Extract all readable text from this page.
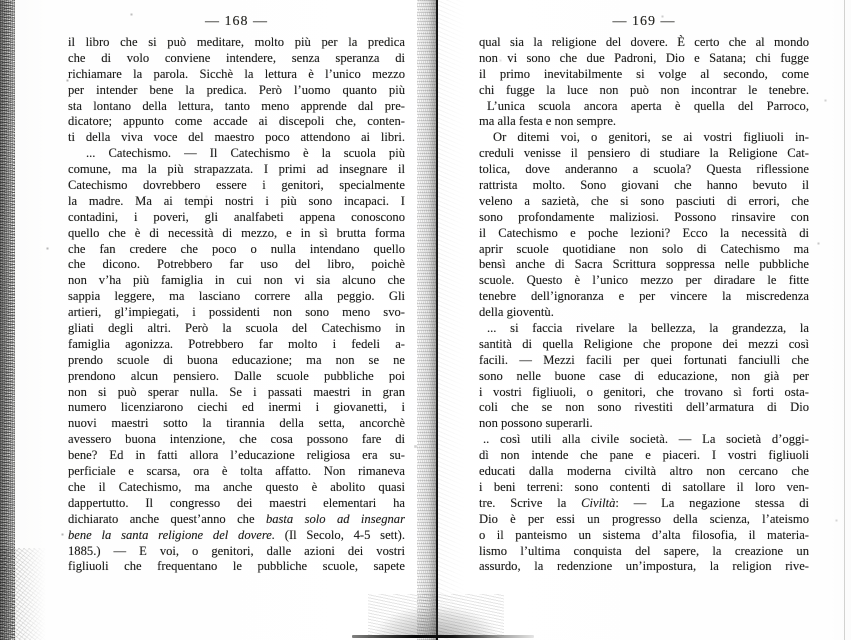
— 168 —
il libro che si può meditare, molto più per la predica
che di volo conviene intendere, senza speranza di
richiamare la parola. Sicchè la lettura è l’unico mezzo
per intender bene la predica. Però l’uomo quanto più
sta lontano della lettura, tanto meno apprende dal pre-
dicatore; appunto come accade ai discepoli che, conten-
ti della viva voce del maestro poco attendono ai libri.
... Catechismo. — Il Catechismo è la scuola più
comune, ma la più strapazzata. I primi ad insegnare il
Catechismo dovrebbero essere i genitori, specialmente
la madre. Ma ai tempi nostri i più sono incapaci. I
contadini, i poveri, gli analfabeti appena conoscono
quello che è di necessità di mezzo, e in sì brutta forma
che fan credere che poco o nulla intendano quello
che dicono. Potrebbero far uso del libro, poichè
non v’ha più famiglia in cui non vi sia alcuno che
sappia leggere, ma lasciano correre alla peggio. Gli
artieri, gl’impiegati, i possidenti non sono meno svo-
gliati degli altri. Però la scuola del Catechismo in
famiglia agonizza. Potrebbero far molto i fedeli a-
prendo scuole di buona educazione; ma non se ne
prendono alcun pensiero. Dalle scuole pubbliche poi
non si può sperar nulla. Se i passati maestri in gran
numero licenziarono ciechi ed inermi i giovanetti, i
nuovi maestri sotto la tirannia della setta, ancorchè
avessero buona intenzione, che cosa possono fare di
bene? Ed in fatti allora l’educazione religiosa era su-
perficiale e scarsa, ora è tolta affatto. Non rimaneva
che il Catechismo, ma anche questo è abolito quasi
dappertutto. Il congresso dei maestri elementari ha
dichiarato anche quest’anno che basta solo ad insegnar
bene la santa religione del dovere. (Il Secolo, 4-5 sett).
1885.) — E voi, o genitori, dalle azioni dei vostri
figliuoli che frequentano le pubbliche scuole, sapete
— 169 —
qual sia la religione del dovere. È certo che al mondo
non vi sono che due Padroni, Dio e Satana; chi fugge
il primo inevitabilmente si volge al secondo, come
chi fugge la luce non può non incontrar le tenebre.
L’unica scuola ancora aperta è quella del Parroco,
ma alla festa e non sempre.
Or ditemi voi, o genitori, se ai vostri figliuoli in-
creduli venisse il pensiero di studiare la Religione Cat-
tolica, dove anderanno a scuola? Questa riflessione
rattrista molto. Sono giovani che hanno bevuto il
veleno a sazietà, che si sono pasciuti di errori, che
sono profondamente maliziosi. Possono rinsavire con
il Catechismo e poche lezioni? Ecco la necessità di
aprir scuole quotidiane non solo di Catechismo ma
bensì anche di Sacra Scrittura soppressa nelle pubbliche
scuole. Questo è l’unico mezzo per diradare le fitte
tenebre dell’ignoranza e per vincere la miscredenza
della gioventù.
... si faccia rivelare la bellezza, la grandezza, la
santità di quella Religione che propone dei mezzi così
facili. — Mezzi facili per quei fortunati fanciulli che
sono nelle buone case di educazione, non già per
i vostri figliuoli, o genitori, che trovano sì forti osta-
coli che se non sono rivestiti dell’armatura di Dio
non possono superarli.
.. così utili alla civile società. — La società d’oggi-
dì non intende che pane e piaceri. I vostri figliuoli
educati dalla moderna civiltà altro non cercano che
i beni terreni: sono contenti di satollare il loro ven-
tre. Scrive la Civiltà: — La negazione stessa di
Dio è per essi un progresso della scienza, l’ateismo
o il panteismo un sistema d’alta filosofia, il materia-
lismo l’ultima conquista del sapere, la creazione un
assurdo, la redenzione un’impostura, la religion rive-
